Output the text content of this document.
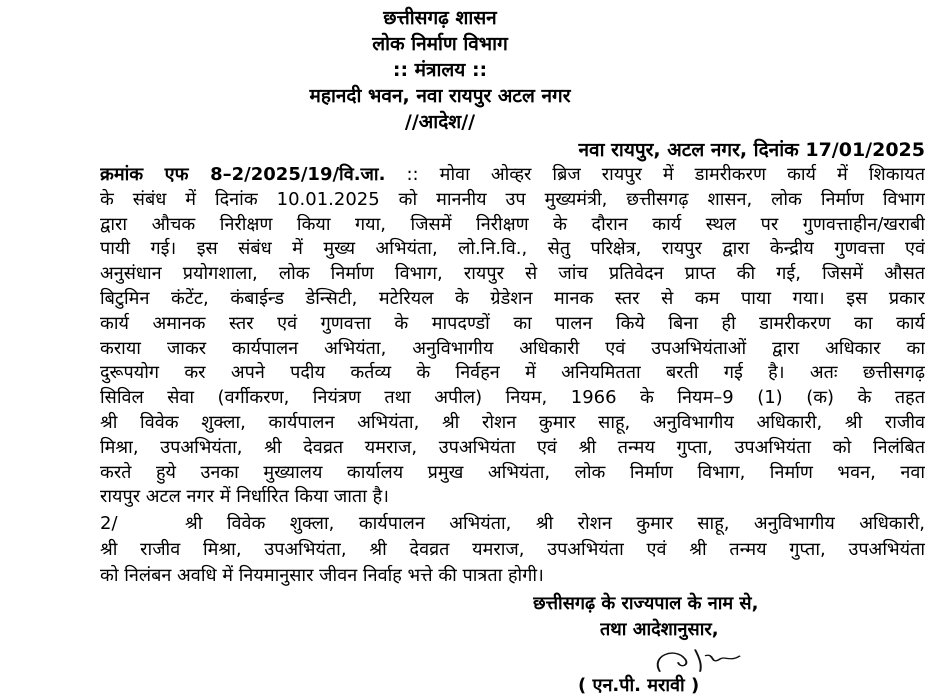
छत्तीसगढ़ शासन
लोक निर्माण विभाग
:: मंत्रालय ::
महानदी भवन, नवा रायपुर अटल नगर
//आदेश//
नवा रायपुर, अटल नगर, दिनांक 17/01/2025
क्रमांक एफ 8–2/2025/19/वि.जा. :: मोवा ओव्हर ब्रिज रायपुर में डामरीकरण कार्य में शिकायत
के संबंध में दिनांक 10.01.2025 को माननीय उप मुख्यमंत्री, छत्तीसगढ़ शासन, लोक निर्माण विभाग
द्वारा औचक निरीक्षण किया गया, जिसमें निरीक्षण के दौरान कार्य स्थल पर गुणवत्ताहीन/खराबी
पायी गई। इस संबंध में मुख्य अभियंता, लो.नि.वि., सेतु परिक्षेत्र, रायपुर द्वारा केन्द्रीय गुणवत्ता एवं
अनुसंधान प्रयोगशाला, लोक निर्माण विभाग, रायपुर से जांच प्रतिवेदन प्राप्त की गई, जिसमें औसत
बिटुमिन कंटेंट, कंबाईन्ड डेन्सिटी, मटेरियल के ग्रेडेशन मानक स्तर से कम पाया गया। इस प्रकार
कार्य अमानक स्तर एवं गुणवत्ता के मापदण्डों का पालन किये बिना ही डामरीकरण का कार्य
कराया जाकर कार्यपालन अभियंता, अनुविभागीय अधिकारी एवं उपअभियंताओं द्वारा अधिकार का
दुरूपयोग कर अपने पदीय कर्तव्य के निर्वहन में अनियमितता बरती गई है। अतः छत्तीसगढ़
सिविल सेवा (वर्गीकरण, नियंत्रण तथा अपील) नियम, 1966 के नियम–9 (1) (क) के तहत
श्री विवेक शुक्ला, कार्यपालन अभियंता, श्री रोशन कुमार साहू, अनुविभागीय अधिकारी, श्री राजीव
मिश्रा, उपअभियंता, श्री देवव्रत यमराज, उपअभियंता एवं श्री तन्मय गुप्ता, उपअभियंता को निलंबित
करते हुये उनका मुख्यालय कार्यालय प्रमुख अभियंता, लोक निर्माण विभाग, निर्माण भवन, नवा
रायपुर अटल नगर में निर्धारित किया जाता है।
2/	श्री विवेक शुक्ला, कार्यपालन अभियंता, श्री रोशन कुमार साहू, अनुविभागीय अधिकारी,
श्री राजीव मिश्रा, उपअभियंता, श्री देवव्रत यमराज, उपअभियंता एवं श्री तन्मय गुप्ता, उपअभियंता
को निलंबन अवधि में नियमानुसार जीवन निर्वाह भत्ते की पात्रता होगी।
छत्तीसगढ़ के राज्यपाल के नाम से,
तथा आदेशानुसार,
( एन.पी. मरावी )
